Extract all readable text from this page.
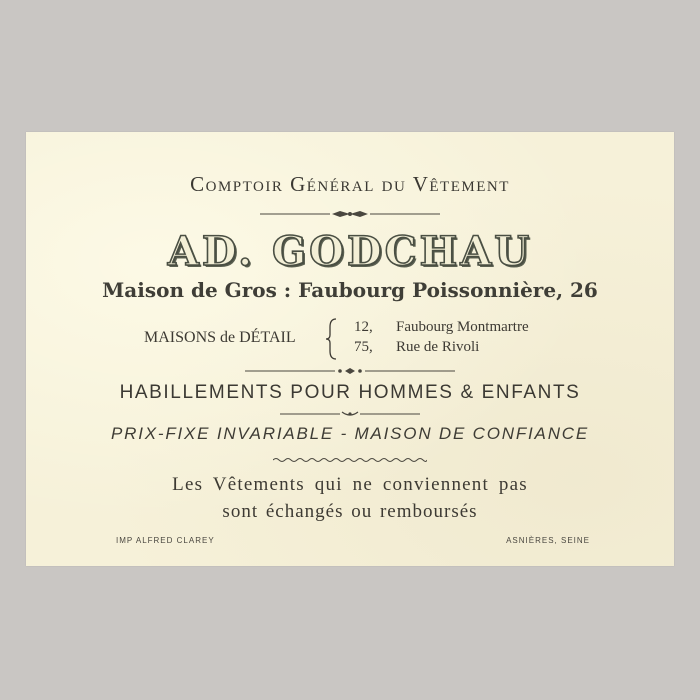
Comptoir Général du Vêtement
AD. GODCHAU
Maison de Gros : Faubourg Poissonnière, 26
MAISONS de DÉTAIL
12, Faubourg Montmartre
75, Rue de Rivoli
HABILLEMENTS POUR HOMMES & ENFANTS
PRIX-FIXE INVARIABLE - MAISON DE CONFIANCE
Les Vêtements qui ne conviennent pas
sont échangés ou remboursés
IMP ALFRED CLAREY	ASNIÈRES, SEINE
